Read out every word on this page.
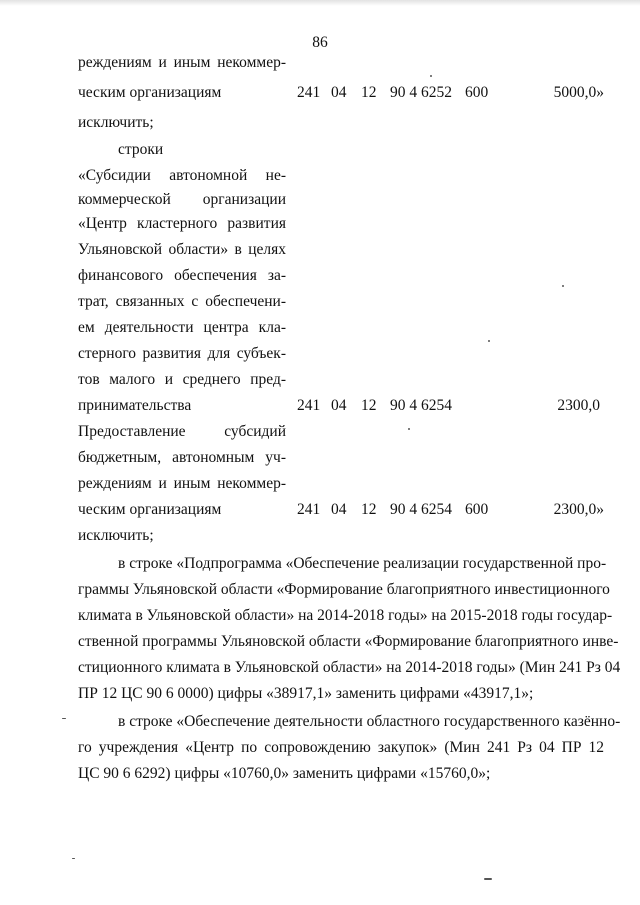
86
реждениям и иным некоммер-
ческим организациям	241 04 12 90 4 6252 600	5000,0»
исключить;
строки
«Субсидии автономной не-
коммерческой организации
«Центр кластерного развития
Ульяновской области» в целях
финансового обеспечения за-
трат, связанных с обеспечени-
ем деятельности центра кла-
стерного развития для субъек-
тов малого и среднего пред-
принимательства	241 04 12 90 4 6254	2300,0
Предоставление субсидий
бюджетным, автономным уч-
реждениям и иным некоммер-
ческим организациям	241 04 12 90 4 6254 600	2300,0»
исключить;
в строке «Подпрограмма «Обеспечение реализации государственной про-
граммы Ульяновской области «Формирование благоприятного инвестиционного
климата в Ульяновской области» на 2014-2018 годы» на 2015-2018 годы государ-
ственной программы Ульяновской области «Формирование благоприятного инве-
стиционного климата в Ульяновской области» на 2014-2018 годы» (Мин 241 Рз 04
ПР 12 ЦС 90 6 0000) цифры «38917,1» заменить цифрами «43917,1»;
в строке «Обеспечение деятельности областного государственного казённо-
го учреждения «Центр по сопровождению закупок» (Мин 241 Рз 04 ПР 12
ЦС 90 6 6292) цифры «10760,0» заменить цифрами «15760,0»;
